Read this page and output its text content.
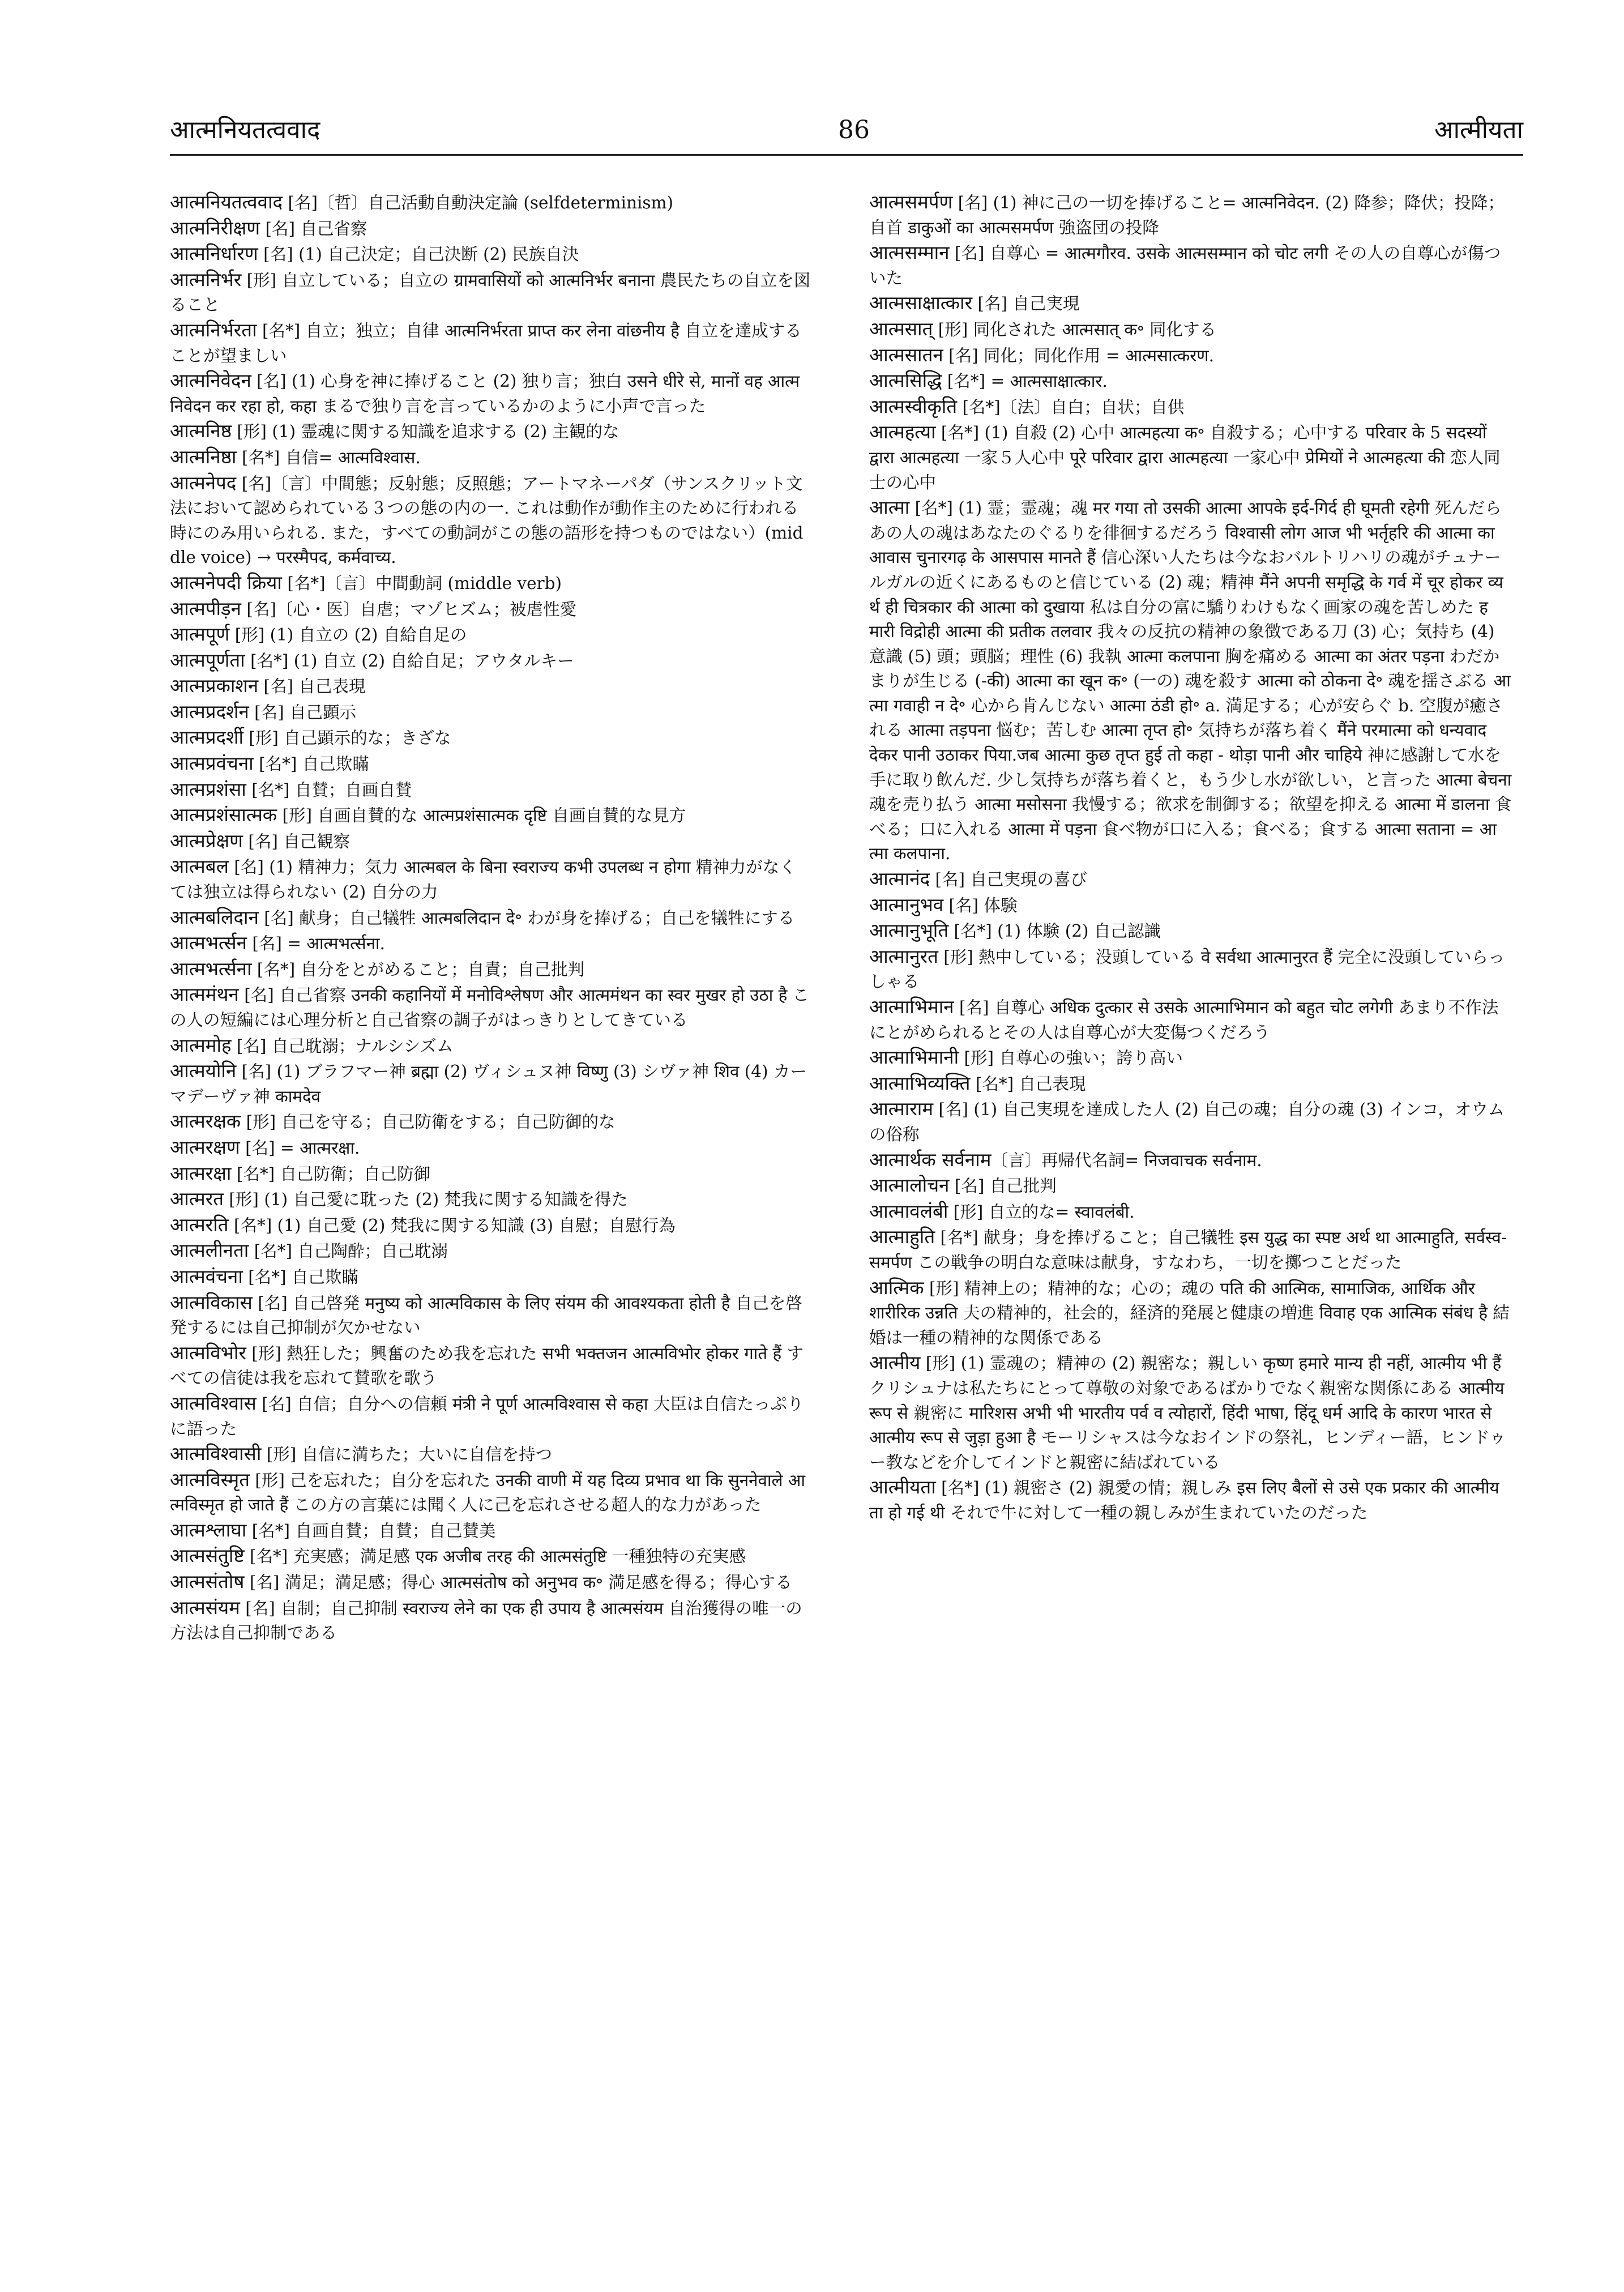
आत्मनियतत्ववाद	86	आत्मीयता

आत्मनियतत्ववाद [名]〔哲〕自己活動自動決定論 (selfdeterminism)

आत्मनिरीक्षण [名] 自己省察

आत्मनिर्धारण [名] (1) 自己決定；自己決断 (2) 民族自決

आत्मनिर्भर [形] 自立している；自立の ग्रामवासियों को आत्मनिर्भर बनाना 農民たちの自立を図ること

आत्मनिर्भरता [名*] 自立；独立；自律 आत्मनिर्भरता प्राप्त कर लेना वांछनीय है 自立を達成することが望ましい

आत्मनिवेदन [名] (1) 心身を神に捧げること (2) 独り言；独白 उसने धीरे से, मानों वह आत्मनिवेदन कर रहा हो, कहा まるで独り言を言っているかのように小声で言った

आत्मनिष्ठ [形] (1) 霊魂に関する知識を追求する (2) 主観的な

आत्मनिष्ठा [名*] 自信= आत्मविश्वास.

आत्मनेपद [名]〔言〕中間態；反射態；反照態；アートマネーパダ（サンスクリット文法において認められている３つの態の内の一. これは動作が動作主のために行われる時にのみ用いられる. また，すべての動詞がこの態の語形を持つものではない）(middle voice) → परस्मैपद, कर्मवाच्य.

आत्मनेपदी क्रिया [名*]〔言〕中間動詞 (middle verb)

आत्मपीड़न [名]〔心・医〕自虐；マゾヒズム；被虐性愛

आत्मपूर्ण [形] (1) 自立の (2) 自給自足の

आत्मपूर्णता [名*] (1) 自立 (2) 自給自足；アウタルキー

आत्मप्रकाशन [名] 自己表現

आत्मप्रदर्शन [名] 自己顕示

आत्मप्रदर्शी [形] 自己顕示的な；きざな

आत्मप्रवंचना [名*] 自己欺瞞

आत्मप्रशंसा [名*] 自賛；自画自賛

आत्मप्रशंसात्मक [形] 自画自賛的な आत्मप्रशंसात्मक दृष्टि 自画自賛的な見方

आत्मप्रेक्षण [名] 自己観察

आत्मबल [名] (1) 精神力；気力 आत्मबल के बिना स्वराज्य कभी उपलब्ध न होगा 精神力がなくては独立は得られない (2) 自分の力

आत्मबलिदान [名] 献身；自己犠牲 आत्मबलिदान दे॰ わが身を捧げる；自己を犠牲にする

आत्मभर्त्सन [名] = आत्मभर्त्सना.

आत्मभर्त्सना [名*] 自分をとがめること；自責；自己批判

आत्ममंथन [名] 自己省察 उनकी कहानियों में मनोविश्लेषण और आत्ममंथन का स्वर मुखर हो उठा है この人の短編には心理分析と自己省察の調子がはっきりとしてきている

आत्ममोह [名] 自己耽溺；ナルシシズム

आत्मयोनि [名] (1) ブラフマー神 ब्रह्मा (2) ヴィシュヌ神 विष्णु (3) シヴァ神 शिव (4) カーマデーヴァ神 कामदेव

आत्मरक्षक [形] 自己を守る；自己防衛をする；自己防御的な

आत्मरक्षण [名] = आत्मरक्षा.

आत्मरक्षा [名*] 自己防衛；自己防御

आत्मरत [形] (1) 自己愛に耽った (2) 梵我に関する知識を得た

आत्मरति [名*] (1) 自己愛 (2) 梵我に関する知識 (3) 自慰；自慰行為

आत्मलीनता [名*] 自己陶酔；自己耽溺

आत्मवंचना [名*] 自己欺瞞

आत्मविकास [名] 自己啓発 मनुष्य को आत्मविकास के लिए संयम की आवश्यकता होती है 自己を啓発するには自己抑制が欠かせない

आत्मविभोर [形] 熱狂した；興奮のため我を忘れた सभी भक्तजन आत्मविभोर होकर गाते हैं すべての信徒は我を忘れて賛歌を歌う

आत्मविश्वास [名] 自信；自分への信頼 मंत्री ने पूर्ण आत्मविश्वास से कहा 大臣は自信たっぷりに語った

आत्मविश्वासी [形] 自信に満ちた；大いに自信を持つ

आत्मविस्मृत [形] 己を忘れた；自分を忘れた उनकी वाणी में यह दिव्य प्रभाव था कि सुननेवाले आत्मविस्मृत हो जाते हैं この方の言葉には聞く人に己を忘れさせる超人的な力があった

आत्मश्लाघा [名*] 自画自賛；自賛；自己賛美

आत्मसंतुष्टि [名*] 充実感；満足感 एक अजीब तरह की आत्मसंतुष्टि 一種独特の充実感

आत्मसंतोष [名] 満足；満足感；得心 आत्मसंतोष को अनुभव क॰ 満足感を得る；得心する

आत्मसंयम [名] 自制；自己抑制 स्वराज्य लेने का एक ही उपाय है आत्मसंयम 自治獲得の唯一の方法は自己抑制である

आत्मसमर्पण [名] (1) 神に己の一切を捧げること= आत्मनिवेदन. (2) 降参；降伏；投降；自首 डाकुओं का आत्मसमर्पण 強盗団の投降

आत्मसम्मान [名] 自尊心 = आत्मगौरव. उसके आत्मसम्मान को चोट लगी その人の自尊心が傷ついた

आत्मसाक्षात्कार [名] 自己実現

आत्मसात् [形] 同化された आत्मसात् क॰ 同化する

आत्मसातन [名] 同化；同化作用 = आत्मसात्करण.

आत्मसिद्धि [名*] = आत्मसाक्षात्कार.

आत्मस्वीकृति [名*]〔法〕自白；自状；自供

आत्महत्या [名*] (1) 自殺 (2) 心中 आत्महत्या क॰ 自殺する；心中する परिवार के 5 सदस्यों द्वारा आत्महत्या 一家５人心中 पूरे परिवार द्वारा आत्महत्या 一家心中 प्रेमियों ने आत्महत्या की 恋人同士の心中

आत्मा [名*] (1) 霊；霊魂；魂 मर गया तो उसकी आत्मा आपके इर्द-गिर्द ही घूमती रहेगी 死んだらあの人の魂はあなたのぐるりを徘徊するだろう विश्वासी लोग आज भी भर्तृहरि की आत्मा का आवास चुनारगढ़ के आसपास मानते हैं 信心深い人たちは今なおバルトリハリの魂がチュナールガルの近くにあるものと信じている (2) 魂；精神 मैंने अपनी समृद्धि के गर्व में चूर होकर व्यर्थ ही चित्रकार की आत्मा को दुखाया 私は自分の富に驕りわけもなく画家の魂を苦しめた हमारी विद्रोही आत्मा की प्रतीक तलवार 我々の反抗の精神の象徴である刀 (3) 心；気持ち (4) 意識 (5) 頭；頭脳；理性 (6) 我執 आत्मा कलपाना 胸を痛める आत्मा का अंतर पड़ना わだかまりが生じる (-की) आत्मा का खून क॰ (一の) 魂を殺す आत्मा को ठोकना दे॰ 魂を揺さぶる आत्मा गवाही न दे॰ 心から肯んじない आत्मा ठंडी हो॰ a. 満足する；心が安らぐ b. 空腹が癒される आत्मा तड़पना 悩む；苦しむ आत्मा तृप्त हो॰ 気持ちが落ち着く मैंने परमात्मा को धन्यवाद देकर पानी उठाकर पिया.जब आत्मा कुछ तृप्त हुई तो कहा - थोड़ा पानी और चाहिये 神に感謝して水を手に取り飲んだ. 少し気持ちが落ち着くと，もう少し水が欲しい，と言った आत्मा बेचना 魂を売り払う आत्मा मसोसना 我慢する；欲求を制御する；欲望を抑える आत्मा में डालना 食べる；口に入れる आत्मा में पड़ना 食べ物が口に入る；食べる；食する आत्मा सताना = आत्मा कलपाना.

आत्मानंद [名] 自己実現の喜び

आत्मानुभव [名] 体験

आत्मानुभूति [名*] (1) 体験 (2) 自己認識

आत्मानुरत [形] 熱中している；没頭している वे सर्वथा आत्मानुरत हैं 完全に没頭していらっしゃる

आत्माभिमान [名] 自尊心 अधिक दुत्कार से उसके आत्माभिमान को बहुत चोट लगेगी あまり不作法にとがめられるとその人は自尊心が大変傷つくだろう

आत्माभिमानी [形] 自尊心の強い；誇り高い

आत्माभिव्यक्ति [名*] 自己表現

आत्माराम [名] (1) 自己実現を達成した人 (2) 自己の魂；自分の魂 (3) インコ，オウムの俗称

आत्मार्थक सर्वनाम〔言〕再帰代名詞= निजवाचक सर्वनाम.

आत्मालोचन [名] 自己批判

आत्मावलंबी [形] 自立的な= स्वावलंबी.

आत्माहुति [名*] 献身；身を捧げること；自己犠牲 इस युद्ध का स्पष्ट अर्थ था आत्माहुति, सर्वस्व-समर्पण この戦争の明白な意味は献身，すなわち，一切を擲つことだった

आत्मिक [形] 精神上の；精神的な；心の；魂の पति की आत्मिक, सामाजिक, आर्थिक और शारीरिक उन्नति 夫の精神的，社会的，経済的発展と健康の増進 विवाह एक आत्मिक संबंध है 結婚は一種の精神的な関係である

आत्मीय [形] (1) 霊魂の；精神の (2) 親密な；親しい कृष्ण हमारे मान्य ही नहीं, आत्मीय भी हैं クリシュナは私たちにとって尊敬の対象であるばかりでなく親密な関係にある आत्मीय रूप से 親密に मारिशस अभी भी भारतीय पर्व व त्योहारों, हिंदी भाषा, हिंदू धर्म आदि के कारण भारत से आत्मीय रूप से जुड़ा हुआ है モーリシャスは今なおインドの祭礼，ヒンディー語，ヒンドゥー教などを介してインドと親密に結ばれている

आत्मीयता [名*] (1) 親密さ (2) 親愛の情；親しみ इस लिए बैलों से उसे एक प्रकार की आत्मीयता हो गई थी それで牛に対して一種の親しみが生まれていたのだった
